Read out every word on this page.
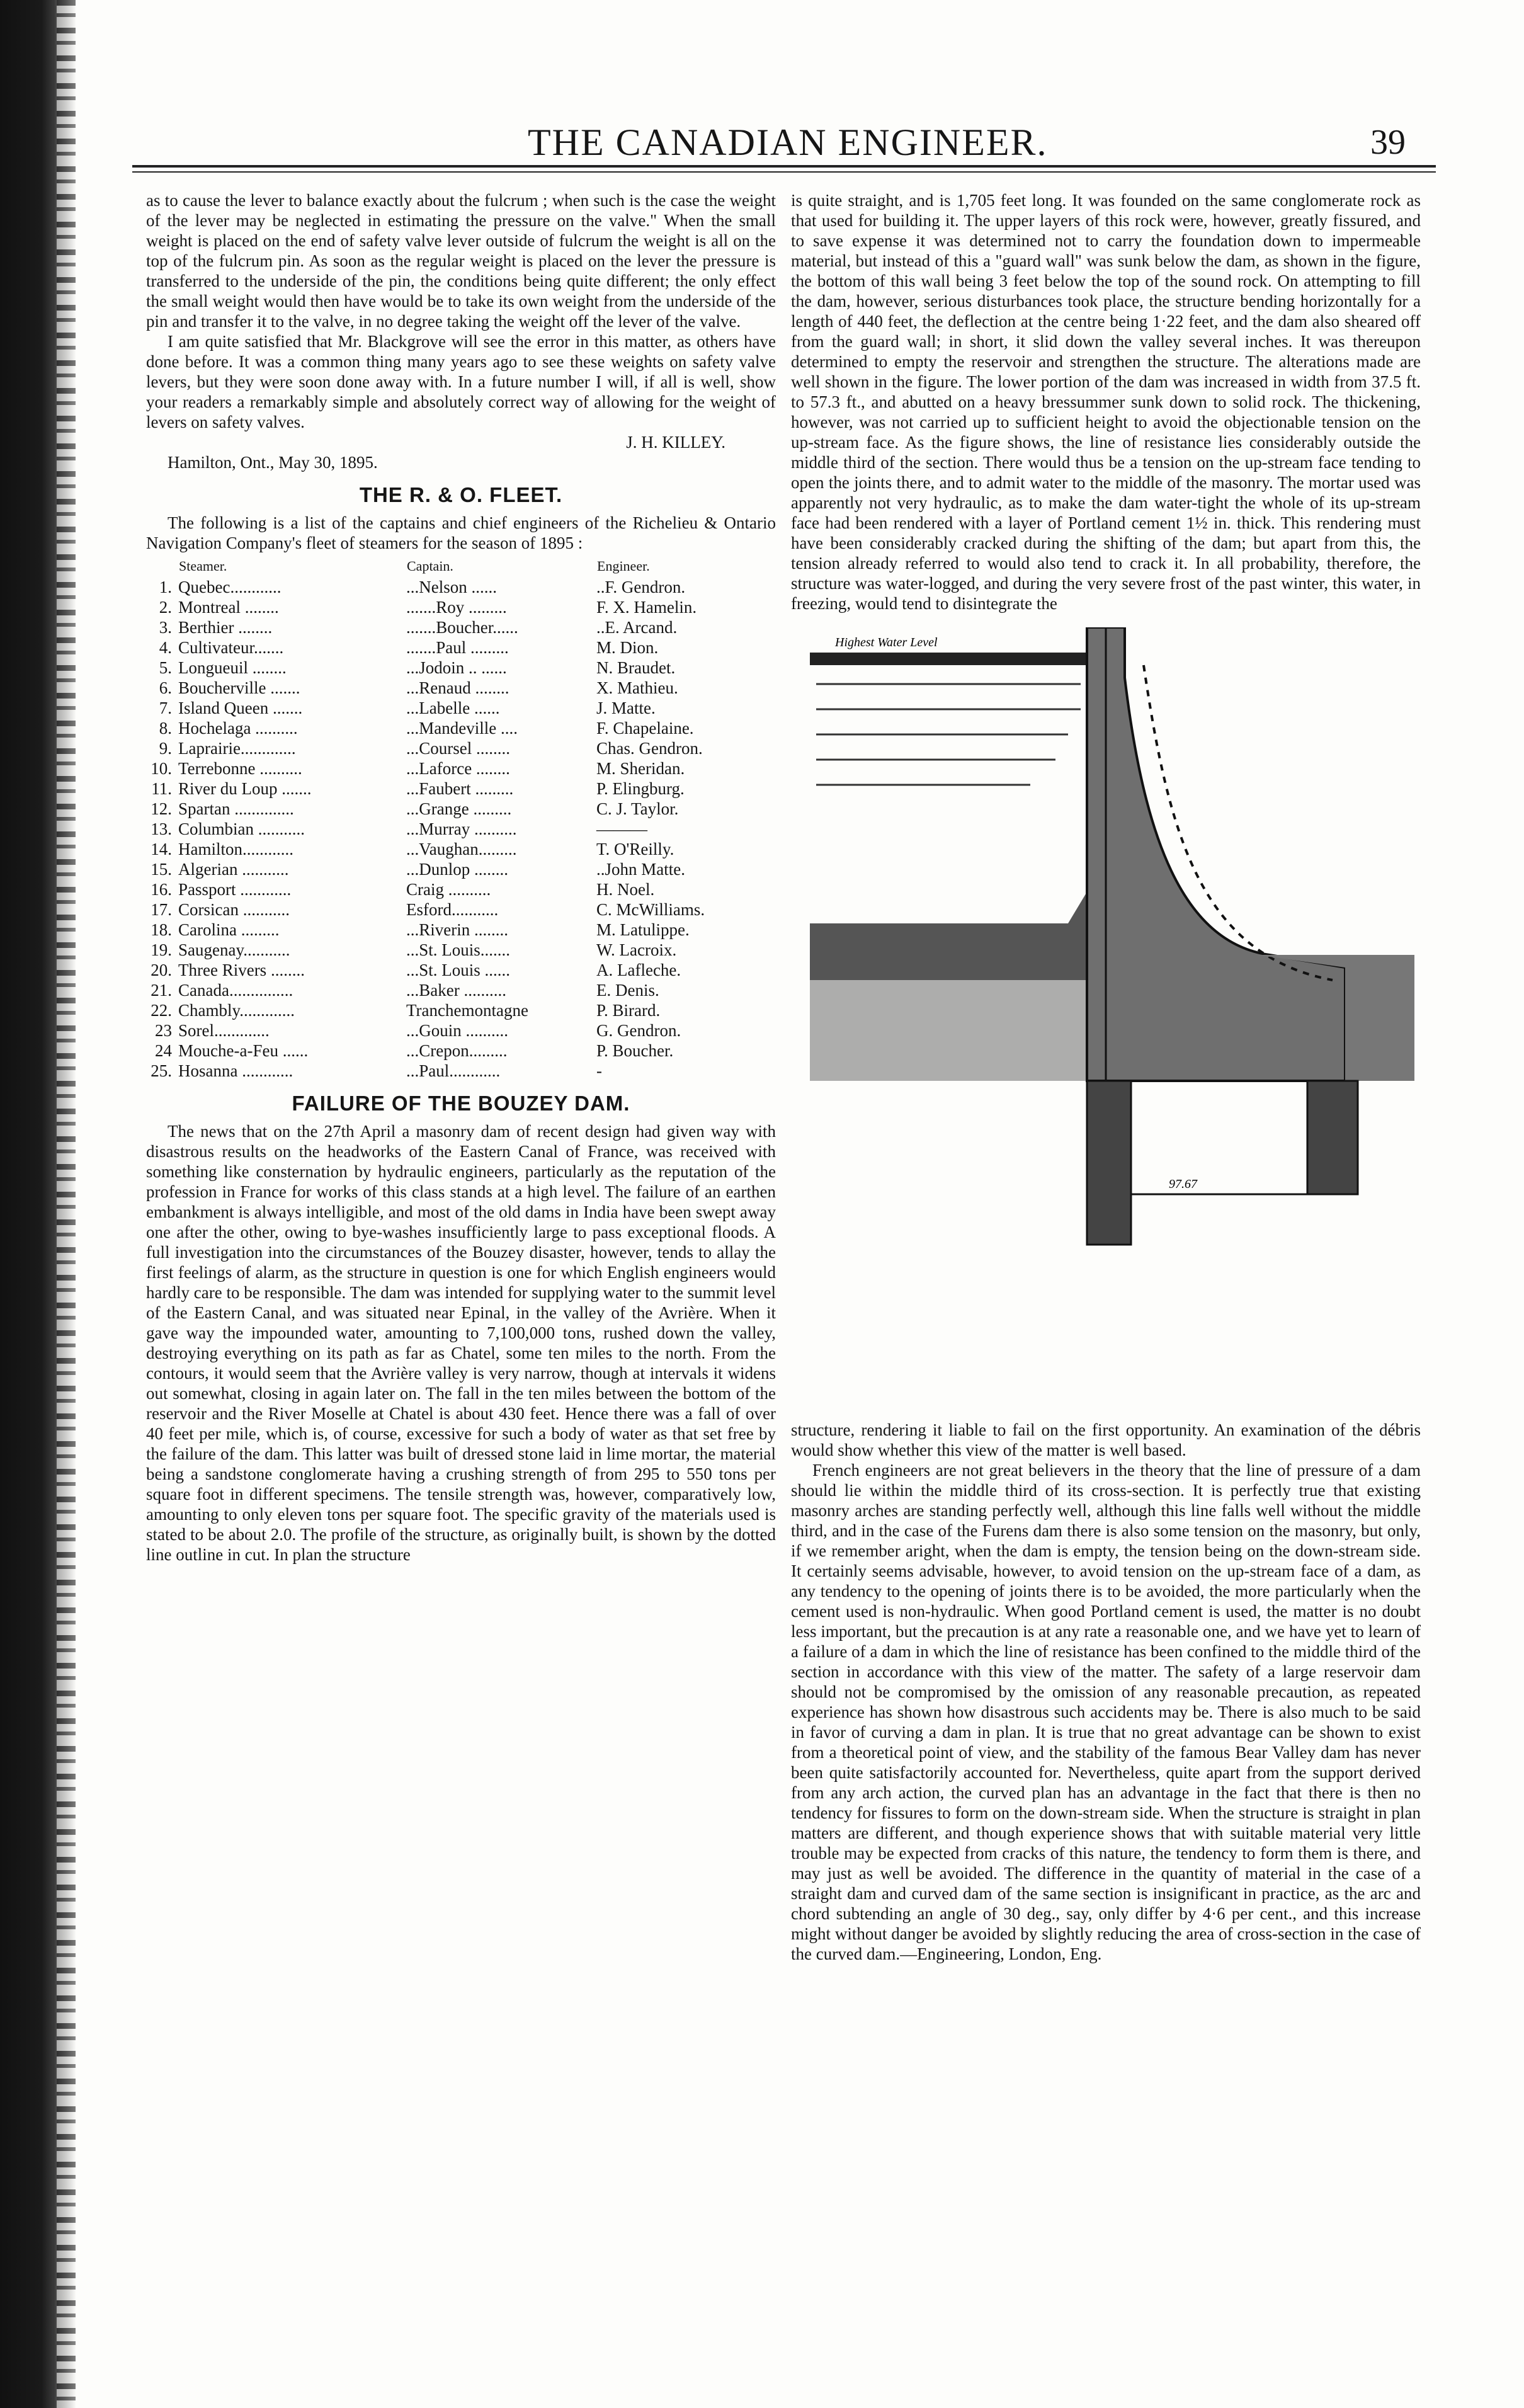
THE CANADIAN ENGINEER.	39

as to cause the lever to balance exactly about the fulcrum ; when such is the case the weight of the lever may be neglected in estimating the pressure on the valve." When the small weight is placed on the end of safety valve lever outside of fulcrum the weight is all on the top of the fulcrum pin. As soon as the regular weight is placed on the lever the pressure is transferred to the underside of the pin, the conditions being quite different; the only effect the small weight would then have would be to take its own weight from the underside of the pin and transfer it to the valve, in no degree taking the weight off the lever of the valve.

I am quite satisfied that Mr. Blackgrove will see the error in this matter, as others have done before. It was a common thing many years ago to see these weights on safety valve levers, but they were soon done away with. In a future number I will, if all is well, show your readers a remarkably simple and absolutely correct way of allowing for the weight of levers on safety valves.

J. H. KILLEY.

Hamilton, Ont., May 30, 1895.

THE R. & O. FLEET.

The following is a list of the captains and chief engineers of the Richelieu & Ontario Navigation Company's fleet of steamers for the season of 1895 :

	Steamer.	Captain.	Engineer.
1.	Quebec............	...Nelson ......	..F. Gendron.
2.	Montreal ........	.......Roy .........	F. X. Hamelin.
3.	Berthier ........	.......Boucher......	..E. Arcand.
4.	Cultivateur.......	.......Paul .........	M. Dion.
5.	Longueuil ........	...Jodoin .. ......	N. Braudet.
6.	Boucherville .......	...Renaud ........	X. Mathieu.
7.	Island Queen .......	...Labelle ......	J. Matte.
8.	Hochelaga ..........	...Mandeville ....	F. Chapelaine.
9.	Laprairie.............	...Coursel ........	Chas. Gendron.
10.	Terrebonne ..........	...Laforce ........	M. Sheridan.
11.	River du Loup .......	...Faubert .........	P. Elingburg.
12.	Spartan ..............	...Grange .........	C. J. Taylor.
13.	Columbian ...........	...Murray ..........	———
14.	Hamilton............	...Vaughan.........	T. O'Reilly.
15.	Algerian ...........	...Dunlop ........	..John Matte.
16.	Passport ............	Craig ..........	H. Noel.
17.	Corsican ...........	Esford...........	C. McWilliams.
18.	Carolina .........	...Riverin ........	M. Latulippe.
19.	Saugenay...........	...St. Louis.......	W. Lacroix.
20.	Three Rivers ........	...St. Louis ......	A. Lafleche.
21.	Canada...............	...Baker ..........	E. Denis.
22.	Chambly.............	Tranchemontagne	P. Birard.
23	Sorel.............	...Gouin ..........	G. Gendron.
24	Mouche-a-Feu ......	...Crepon.........	P. Boucher.
25.	Hosanna ............	...Paul............	-
FAILURE OF THE BOUZEY DAM.

The news that on the 27th April a masonry dam of recent design had given way with disastrous results on the headworks of the Eastern Canal of France, was received with something like consternation by hydraulic engineers, particularly as the reputation of the profession in France for works of this class stands at a high level. The failure of an earthen embankment is always intelligible, and most of the old dams in India have been swept away one after the other, owing to bye-washes insufficiently large to pass exceptional floods. A full investigation into the circumstances of the Bouzey disaster, however, tends to allay the first feelings of alarm, as the structure in question is one for which English engineers would hardly care to be responsible. The dam was intended for supplying water to the summit level of the Eastern Canal, and was situated near Epinal, in the valley of the Avrière. When it gave way the impounded water, amounting to 7,100,000 tons, rushed down the valley, destroying everything on its path as far as Chatel, some ten miles to the north. From the contours, it would seem that the Avrière valley is very narrow, though at intervals it widens out somewhat, closing in again later on. The fall in the ten miles between the bottom of the reservoir and the River Moselle at Chatel is about 430 feet. Hence there was a fall of over 40 feet per mile, which is, of course, excessive for such a body of water as that set free by the failure of the dam. This latter was built of dressed stone laid in lime mortar, the material being a sandstone conglomerate having a crushing strength of from 295 to 550 tons per square foot in different specimens. The tensile strength was, however, comparatively low, amounting to only eleven tons per square foot. The specific gravity of the materials used is stated to be about 2.0. The profile of the structure, as originally built, is shown by the dotted line outline in cut. In plan the structure

is quite straight, and is 1,705 feet long. It was founded on the same conglomerate rock as that used for building it. The upper layers of this rock were, however, greatly fissured, and to save expense it was determined not to carry the foundation down to impermeable material, but instead of this a "guard wall" was sunk below the dam, as shown in the figure, the bottom of this wall being 3 feet below the top of the sound rock. On attempting to fill the dam, however, serious disturbances took place, the structure bending horizontally for a length of 440 feet, the deflection at the centre being 1·22 feet, and the dam also sheared off from the guard wall; in short, it slid down the valley several inches. It was thereupon determined to empty the reservoir and strengthen the structure. The alterations made are well shown in the figure. The lower portion of the dam was increased in width from 37.5 ft. to 57.3 ft., and abutted on a heavy bressummer sunk down to solid rock. The thickening, however, was not carried up to sufficient height to avoid the objectionable tension on the up-stream face. As the figure shows, the line of resistance lies considerably outside the middle third of the section. There would thus be a tension on the up-stream face tending to open the joints there, and to admit water to the middle of the masonry. The mortar used was apparently not very hydraulic, as to make the dam water-tight the whole of its up-stream face had been rendered with a layer of Portland cement 1½ in. thick. This rendering must have been considerably cracked during the shifting of the dam; but apart from this, the tension already referred to would also tend to crack it. In all probability, therefore, the structure was water-logged, and during the very severe frost of the past winter, this water, in freezing, would tend to disintegrate the

Highest Water Level
97.67

structure, rendering it liable to fail on the first opportunity. An examination of the débris would show whether this view of the matter is well based.

French engineers are not great believers in the theory that the line of pressure of a dam should lie within the middle third of its cross-section. It is perfectly true that existing masonry arches are standing perfectly well, although this line falls well without the middle third, and in the case of the Furens dam there is also some tension on the masonry, but only, if we remember aright, when the dam is empty, the tension being on the down-stream side. It certainly seems advisable, however, to avoid tension on the up-stream face of a dam, as any tendency to the opening of joints there is to be avoided, the more particularly when the cement used is non-hydraulic. When good Portland cement is used, the matter is no doubt less important, but the precaution is at any rate a reasonable one, and we have yet to learn of a failure of a dam in which the line of resistance has been confined to the middle third of the section in accordance with this view of the matter. The safety of a large reservoir dam should not be compromised by the omission of any reasonable precaution, as repeated experience has shown how disastrous such accidents may be. There is also much to be said in favor of curving a dam in plan. It is true that no great advantage can be shown to exist from a theoretical point of view, and the stability of the famous Bear Valley dam has never been quite satisfactorily accounted for. Nevertheless, quite apart from the support derived from any arch action, the curved plan has an advantage in the fact that there is then no tendency for fissures to form on the down-stream side. When the structure is straight in plan matters are different, and though experience shows that with suitable material very little trouble may be expected from cracks of this nature, the tendency to form them is there, and may just as well be avoided. The difference in the quantity of material in the case of a straight dam and curved dam of the same section is insignificant in practice, as the arc and chord subtending an angle of 30 deg., say, only differ by 4·6 per cent., and this increase might without danger be avoided by slightly reducing the area of cross-section in the case of the curved dam.—Engineering, London, Eng.
